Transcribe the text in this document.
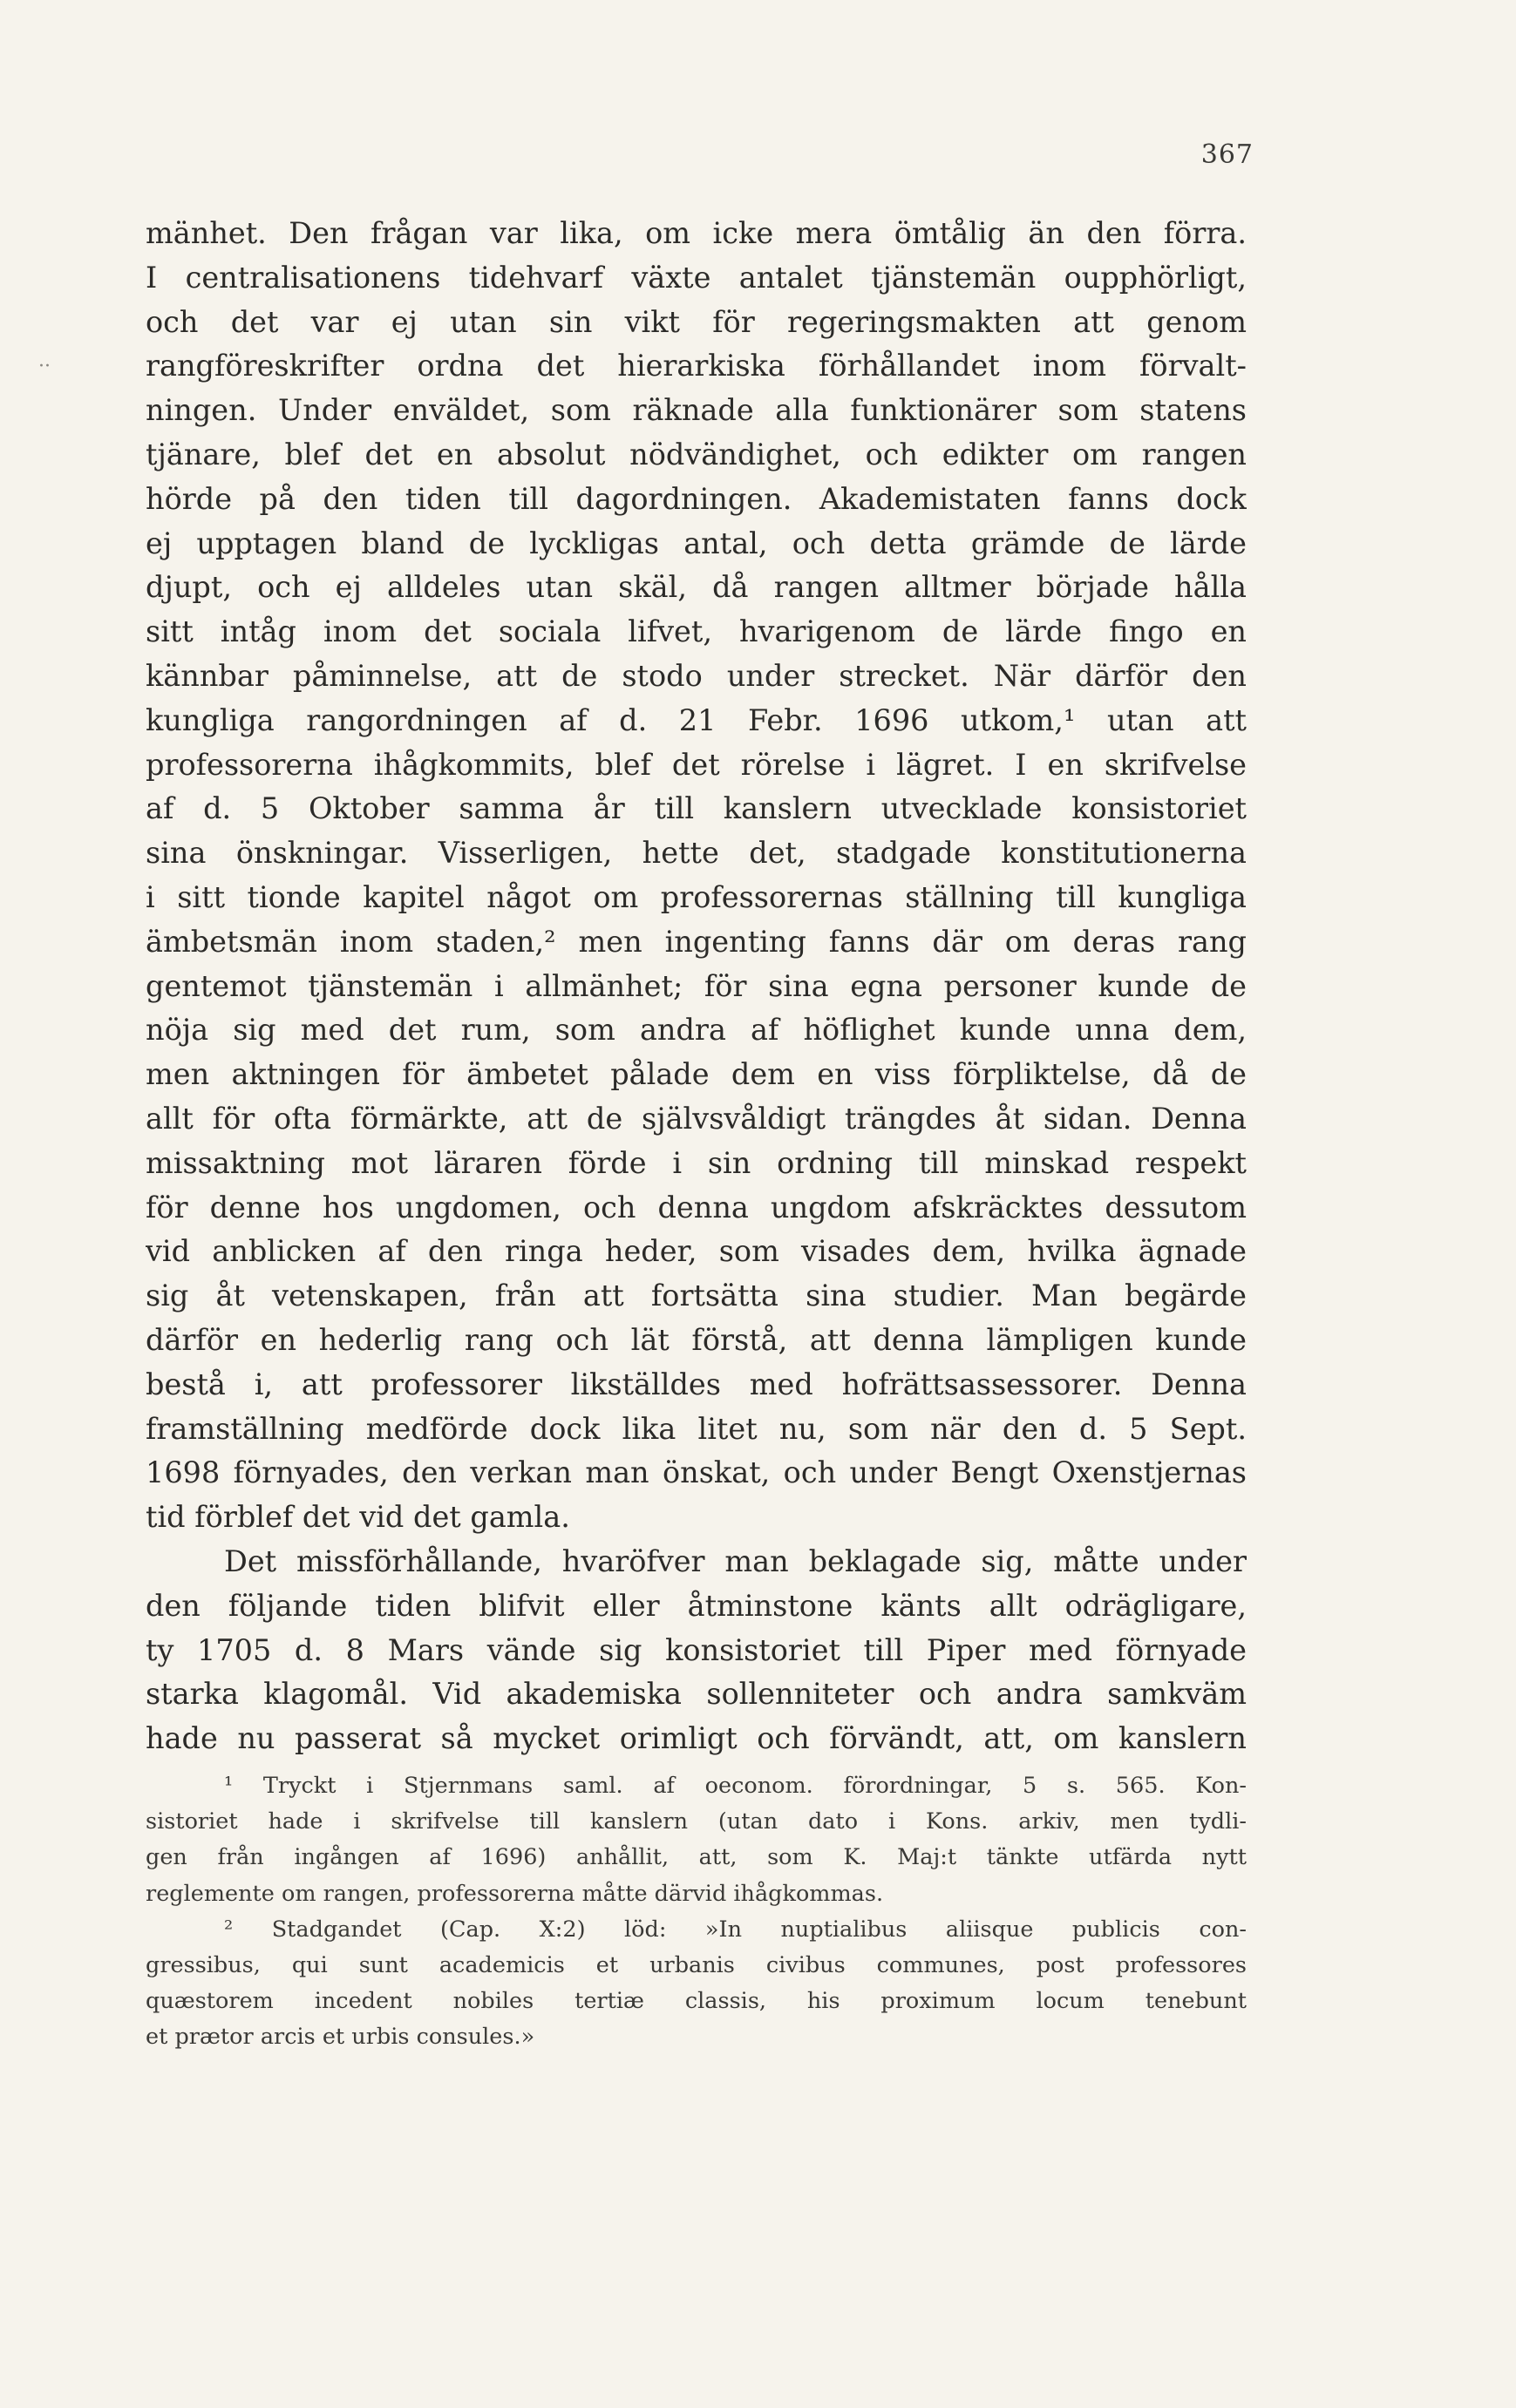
367
··
mänhet. Den frågan var lika, om icke mera ömtålig än den förra.
I centralisationens tidehvarf växte antalet tjänstemän oupphörligt,
och det var ej utan sin vikt för regeringsmakten att genom
rangföreskrifter ordna det hierarkiska förhållandet inom förvalt-
ningen. Under enväldet, som räknade alla funktionärer som statens
tjänare, blef det en absolut nödvändighet, och edikter om rangen
hörde på den tiden till dagordningen. Akademistaten fanns dock
ej upptagen bland de lyckligas antal, och detta grämde de lärde
djupt, och ej alldeles utan skäl, då rangen alltmer började hålla
sitt intåg inom det sociala lifvet, hvarigenom de lärde fingo en
kännbar påminnelse, att de stodo under strecket. När därför den
kungliga rangordningen af d. 21 Febr. 1696 utkom,¹ utan att
professorerna ihågkommits, blef det rörelse i lägret. I en skrifvelse
af d. 5 Oktober samma år till kanslern utvecklade konsistoriet
sina önskningar. Visserligen, hette det, stadgade konstitutionerna
i sitt tionde kapitel något om professorernas ställning till kungliga
ämbetsmän inom staden,² men ingenting fanns där om deras rang
gentemot tjänstemän i allmänhet; för sina egna personer kunde de
nöja sig med det rum, som andra af höflighet kunde unna dem,
men aktningen för ämbetet pålade dem en viss förpliktelse, då de
allt för ofta förmärkte, att de självsvåldigt trängdes åt sidan. Denna
missaktning mot läraren förde i sin ordning till minskad respekt
för denne hos ungdomen, och denna ungdom afskräcktes dessutom
vid anblicken af den ringa heder, som visades dem, hvilka ägnade
sig åt vetenskapen, från att fortsätta sina studier. Man begärde
därför en hederlig rang och lät förstå, att denna lämpligen kunde
bestå i, att professorer likställdes med hofrättsassessorer. Denna
framställning medförde dock lika litet nu, som när den d. 5 Sept.
1698 förnyades, den verkan man önskat, och under Bengt Oxenstjernas
tid förblef det vid det gamla.
Det missförhållande, hvaröfver man beklagade sig, måtte under
den följande tiden blifvit eller åtminstone känts allt odrägligare,
ty 1705 d. 8 Mars vände sig konsistoriet till Piper med förnyade
starka klagomål. Vid akademiska sollenniteter och andra samkväm
hade nu passerat så mycket orimligt och förvändt, att, om kanslern
¹ Tryckt i Stjernmans saml. af oeconom. förordningar, 5 s. 565. Kon-
sistoriet hade i skrifvelse till kanslern (utan dato i Kons. arkiv, men tydli-
gen från ingången af 1696) anhållit, att, som K. Maj:t tänkte utfärda nytt
reglemente om rangen, professorerna måtte därvid ihågkommas.
² Stadgandet (Cap. X:2) löd: »In nuptialibus aliisque publicis con-
gressibus, qui sunt academicis et urbanis civibus communes, post professores
quæstorem incedent nobiles tertiæ classis, his proximum locum tenebunt
et prætor arcis et urbis consules.»
